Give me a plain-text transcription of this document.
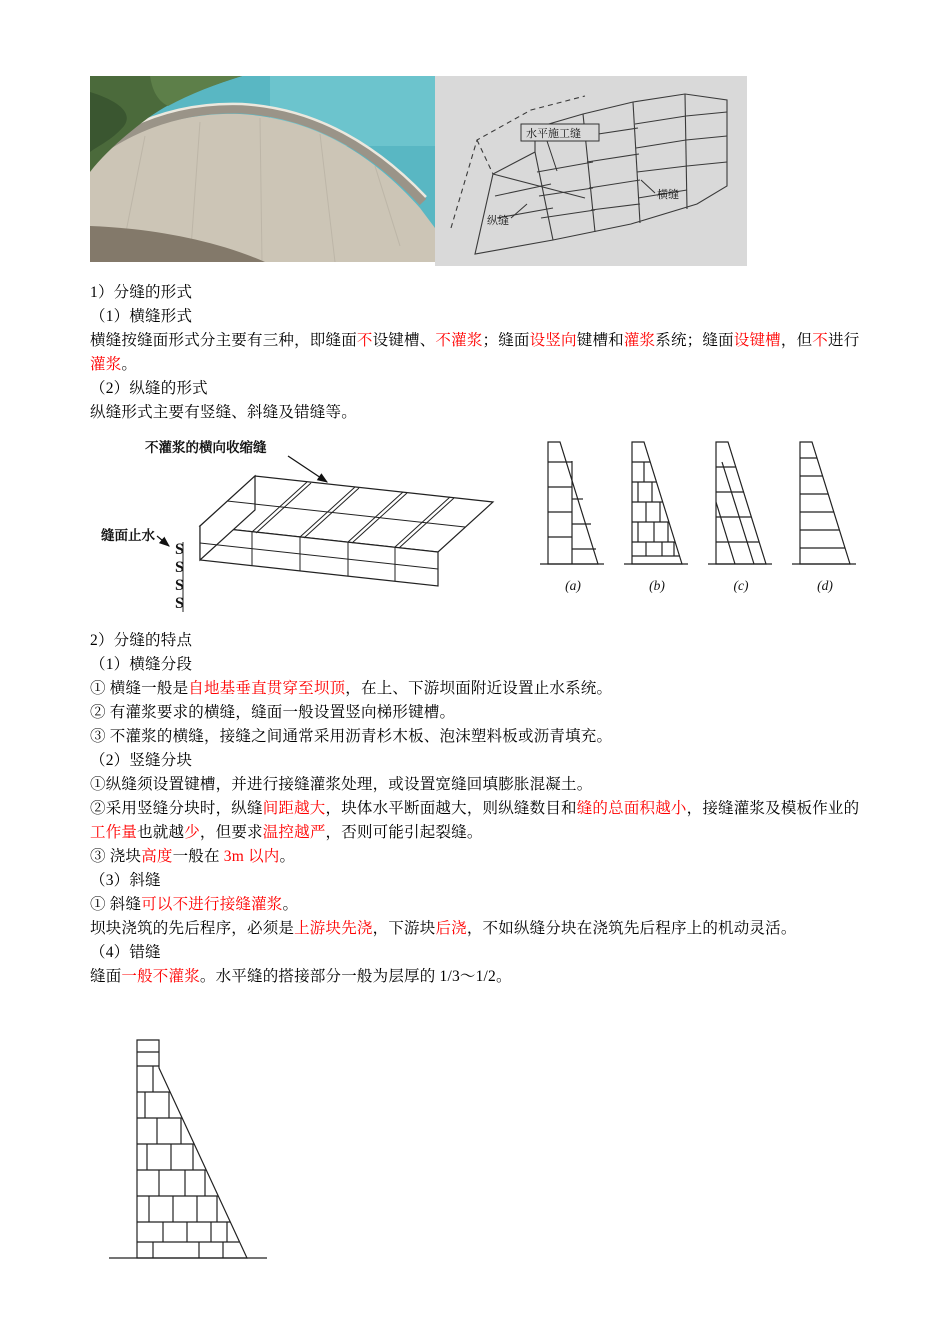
水平施工缝
横缝
纵缝

1）分缝的形式

（1）横缝形式

横缝按缝面形式分主要有三种，即缝面不设键槽、不灌浆；缝面设竖向键槽和灌浆系统；缝面设键槽，但不进行灌浆。

（2）纵缝的形式

纵缝形式主要有竖缝、斜缝及错缝等。

不灌浆的横向收缩缝
缝面止水
S
S
S
S
(a)	(b)	(c)	(d)

2）分缝的特点

（1）横缝分段

① 横缝一般是自地基垂直贯穿至坝顶，在上、下游坝面附近设置止水系统。

② 有灌浆要求的横缝，缝面一般设置竖向梯形键槽。

③ 不灌浆的横缝，接缝之间通常采用沥青杉木板、泡沫塑料板或沥青填充。

（2）竖缝分块

①纵缝须设置键槽，并进行接缝灌浆处理，或设置宽缝回填膨胀混凝土。

②采用竖缝分块时，纵缝间距越大，块体水平断面越大，则纵缝数目和缝的总面积越小，接缝灌浆及模板作业的工作量也就越少，但要求温控越严，否则可能引起裂缝。

③ 浇块高度一般在 3m 以内。

（3）斜缝

① 斜缝可以不进行接缝灌浆。

坝块浇筑的先后程序，必须是上游块先浇，下游块后浇，不如纵缝分块在浇筑先后程序上的机动灵活。

（4）错缝

缝面一般不灌浆。水平缝的搭接部分一般为层厚的 1/3～1/2。
